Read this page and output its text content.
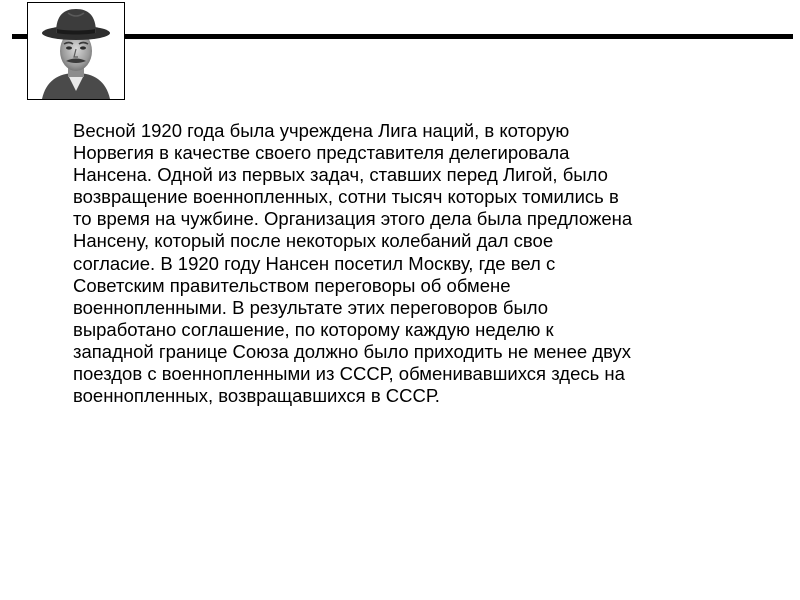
Весной 1920 года была учреждена Лига наций, в которую
Норвегия в качестве своего представителя делегировала
Нансена. Одной из первых задач, ставших перед Лигой, было
возвращение военнопленных, сотни тысяч которых томились в
то время на чужбине. Организация этого дела была предложена
Нансену, который после некоторых колебаний дал свое
согласие. В 1920 году Нансен посетил Москву, где вел с
Советским правительством переговоры об обмене
военнопленными. В результате этих переговоров было
выработано соглашение, по которому каждую неделю к
западной границе Союза должно было приходить не менее двух
поездов с военнопленными из СССР, обменивавшихся здесь на
военнопленных, возвращавшихся в СССР.
